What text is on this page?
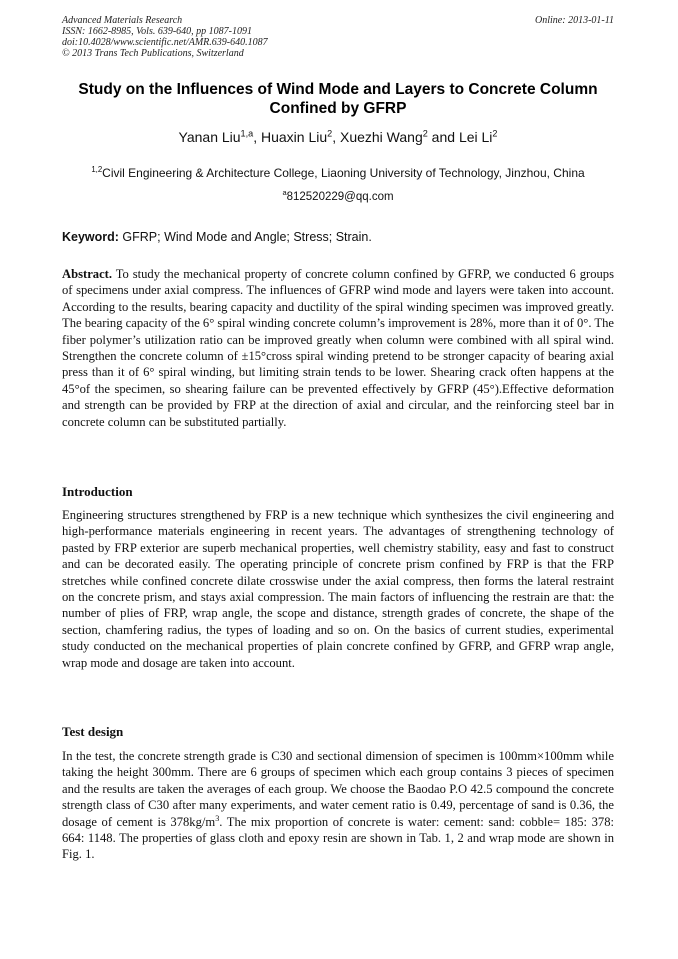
Advanced Materials Research
ISSN: 1662-8985, Vols. 639-640, pp 1087-1091
doi:10.4028/www.scientific.net/AMR.639-640.1087
© 2013 Trans Tech Publications, Switzerland
Online: 2013-01-11
Study on the Influences of Wind Mode and Layers to Concrete Column Confined by GFRP
Yanan Liu$^{1,a}$, Huaxin Liu$^2$, Xuezhi Wang$^2$ and Lei Li$^2$
$^{1,2}$Civil Engineering & Architecture College, Liaoning University of Technology, Jinzhou, China
$^a$812520229@qq.com
Keyword: GFRP; Wind Mode and Angle; Stress; Strain.
Abstract. To study the mechanical property of concrete column confined by GFRP, we conducted 6 groups of specimens under axial compress. The influences of GFRP wind mode and layers were taken into account. According to the results, bearing capacity and ductility of the spiral winding specimen was improved greatly. The bearing capacity of the 6° spiral winding concrete column’s improvement is 28%, more than it of 0°. The fiber polymer’s utilization ratio can be improved greatly when column were combined with all spiral wind. Strengthen the concrete column of ±15°cross spiral winding pretend to be stronger capacity of bearing axial press than it of 6° spiral winding, but limiting strain tends to be lower. Shearing crack often happens at the 45°of the specimen, so shearing failure can be prevented effectively by GFRP (45°).Effective deformation and strength can be provided by FRP at the direction of axial and circular, and the reinforcing steel bar in concrete column can be substituted partially.
Introduction
Engineering structures strengthened by FRP is a new technique which synthesizes the civil engineering and high-performance materials engineering in recent years. The advantages of strengthening technology of pasted by FRP exterior are superb mechanical properties, well chemistry stability, easy and fast to construct and can be decorated easily. The operating principle of concrete prism confined by FRP is that the FRP stretches while confined concrete dilate crosswise under the axial compress, then forms the lateral restraint on the concrete prism, and stays axial compression. The main factors of influencing the restrain are that: the number of plies of FRP, wrap angle, the scope and distance, strength grades of concrete, the shape of the section, chamfering radius, the types of loading and so on. On the basics of current studies, experimental study conducted on the mechanical properties of plain concrete confined by GFRP, and GFRP wrap angle, wrap mode and dosage are taken into account.
Test design
In the test, the concrete strength grade is C30 and sectional dimension of specimen is 100mm×100mm while taking the height 300mm. There are 6 groups of specimen which each group contains 3 pieces of specimen and the results are taken the averages of each group. We choose the Baodao P.O 42.5 compound the concrete strength class of C30 after many experiments, and water cement ratio is 0.49, percentage of sand is 0.36, the dosage of cement is $378kg/m^3$. The mix proportion of concrete is water: cement: sand: cobble= 185: 378: 664: 1148. The properties of glass cloth and epoxy resin are shown in Tab. 1, 2 and wrap mode are shown in Fig. 1.
